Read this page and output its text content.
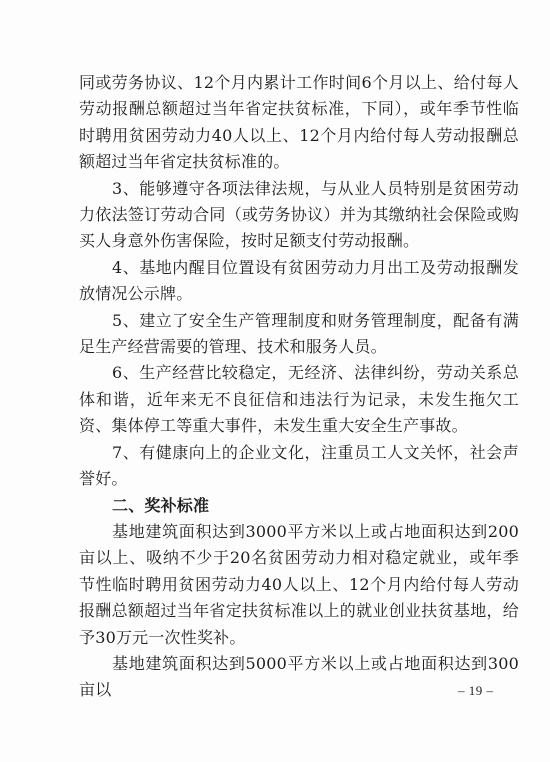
同或劳务协议、12个月内累计工作时间6个月以上、给付每人劳动报酬总额超过当年省定扶贫标准，下同），或年季节性临时聘用贫困劳动力40人以上、12个月内给付每人劳动报酬总额超过当年省定扶贫标准的。

3、能够遵守各项法律法规，与从业人员特别是贫困劳动力依法签订劳动合同（或劳务协议）并为其缴纳社会保险或购买人身意外伤害保险，按时足额支付劳动报酬。

4、基地内醒目位置设有贫困劳动力月出工及劳动报酬发放情况公示牌。

5、建立了安全生产管理制度和财务管理制度，配备有满足生产经营需要的管理、技术和服务人员。

6、生产经营比较稳定，无经济、法律纠纷，劳动关系总体和谐，近年来无不良征信和违法行为记录，未发生拖欠工资、集体停工等重大事件，未发生重大安全生产事故。

7、有健康向上的企业文化，注重员工人文关怀，社会声誉好。

二、奖补标准

基地建筑面积达到3000平方米以上或占地面积达到200亩以上、吸纳不少于20名贫困劳动力相对稳定就业，或年季节性临时聘用贫困劳动力40人以上、12个月内给付每人劳动报酬总额超过当年省定扶贫标准以上的就业创业扶贫基地，给予30万元一次性奖补。

基地建筑面积达到5000平方米以上或占地面积达到300亩以	– 19 –
